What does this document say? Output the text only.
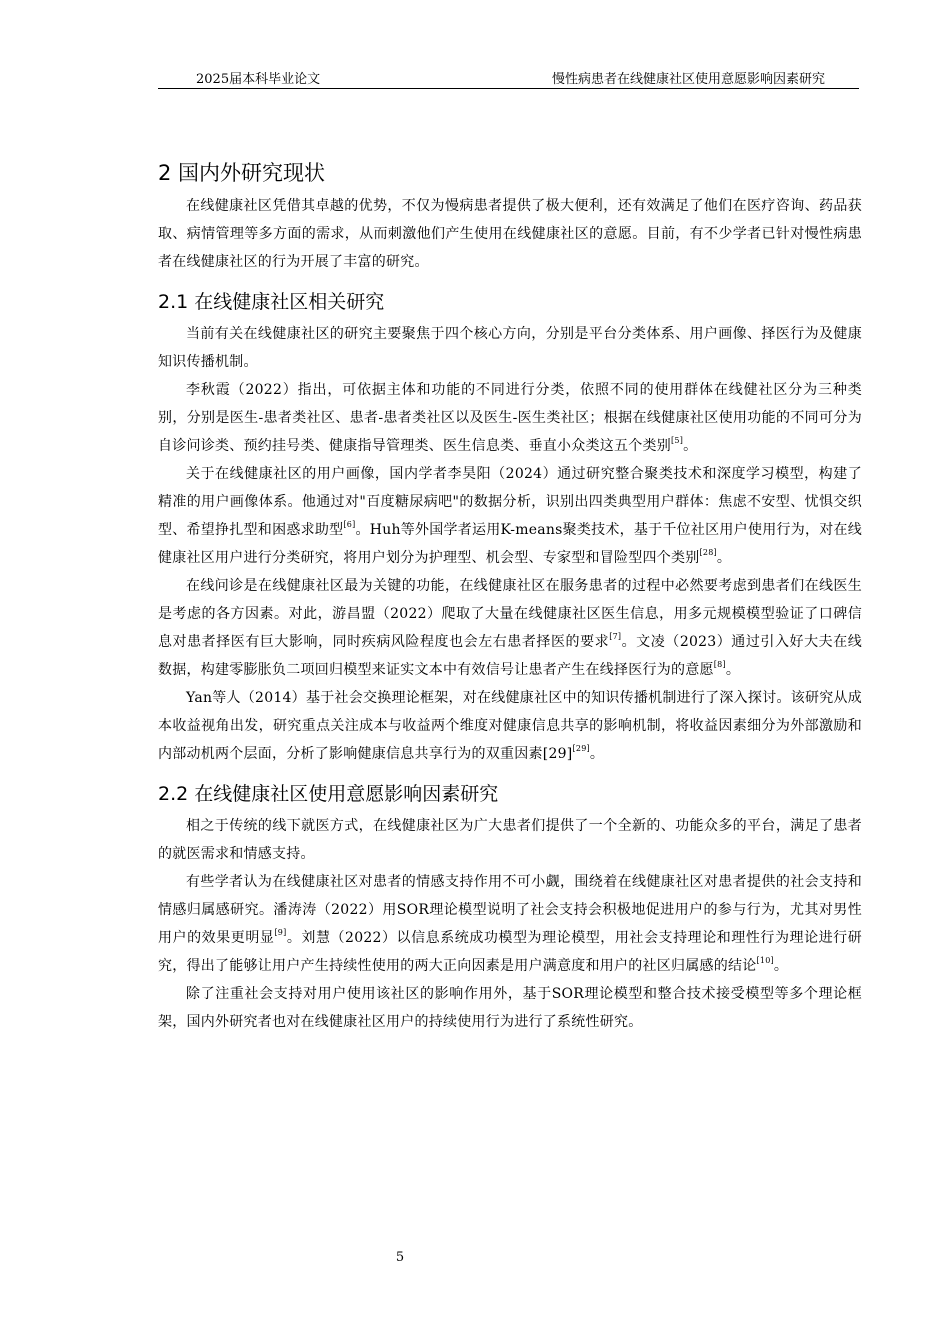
2025届本科毕业论文	慢性病患者在线健康社区使用意愿影响因素研究
2 国内外研究现状

在线健康社区凭借其卓越的优势，不仅为慢病患者提供了极大便利，还有效满足了他们在医疗咨询、药品获取、病情管理等多方面的需求，从而刺激他们产生使用在线健康社区的意愿。目前，有不少学者已针对慢性病患者在线健康社区的行为开展了丰富的研究。

2.1 在线健康社区相关研究

当前有关在线健康社区的研究主要聚焦于四个核心方向，分别是平台分类体系、用户画像、择医行为及健康知识传播机制。

李秋霞（2022）指出，可依据主体和功能的不同进行分类，依照不同的使用群体在线健社区分为三种类别，分别是医生-患者类社区、患者-患者类社区以及医生-医生类社区；根据在线健康社区使用功能的不同可分为自诊问诊类、预约挂号类、健康指导管理类、医生信息类、垂直小众类这五个类别[5]。

关于在线健康社区的用户画像，国内学者李昊阳（2024）通过研究整合聚类技术和深度学习模型，构建了精准的用户画像体系。他通过对"百度糖尿病吧"的数据分析，识别出四类典型用户群体：焦虑不安型、忧惧交织型、希望挣扎型和困惑求助型[6]。Huh等外国学者运用K-means聚类技术，基于千位社区用户使用行为，对在线健康社区用户进行分类研究，将用户划分为护理型、机会型、专家型和冒险型四个类别[28]。

在线问诊是在线健康社区最为关键的功能，在线健康社区在服务患者的过程中必然要考虑到患者们在线医生是考虑的各方因素。对此，游昌盟（2022）爬取了大量在线健康社区医生信息，用多元规模模型验证了口碑信息对患者择医有巨大影响，同时疾病风险程度也会左右患者择医的要求[7]。文凌（2023）通过引入好大夫在线数据，构建零膨胀负二项回归模型来证实文本中有效信号让患者产生在线择医行为的意愿[8]。

Yan等人（2014）基于社会交换理论框架，对在线健康社区中的知识传播机制进行了深入探讨。该研究从成本收益视角出发，研究重点关注成本与收益两个维度对健康信息共享的影响机制，将收益因素细分为外部激励和内部动机两个层面，分析了影响健康信息共享行为的双重因素[29][29]。

2.2 在线健康社区使用意愿影响因素研究

相之于传统的线下就医方式，在线健康社区为广大患者们提供了一个全新的、功能众多的平台，满足了患者的就医需求和情感支持。

有些学者认为在线健康社区对患者的情感支持作用不可小觑，围绕着在线健康社区对患者提供的社会支持和情感归属感研究。潘涛涛（2022）用SOR理论模型说明了社会支持会积极地促进用户的参与行为，尤其对男性用户的效果更明显[9]。刘慧（2022）以信息系统成功模型为理论模型，用社会支持理论和理性行为理论进行研究，得出了能够让用户产生持续性使用的两大正向因素是用户满意度和用户的社区归属感的结论[10]。

除了注重社会支持对用户使用该社区的影响作用外，基于SOR理论模型和整合技术接受模型等多个理论框架，国内外研究者也对在线健康社区用户的持续使用行为进行了系统性研究。

5
